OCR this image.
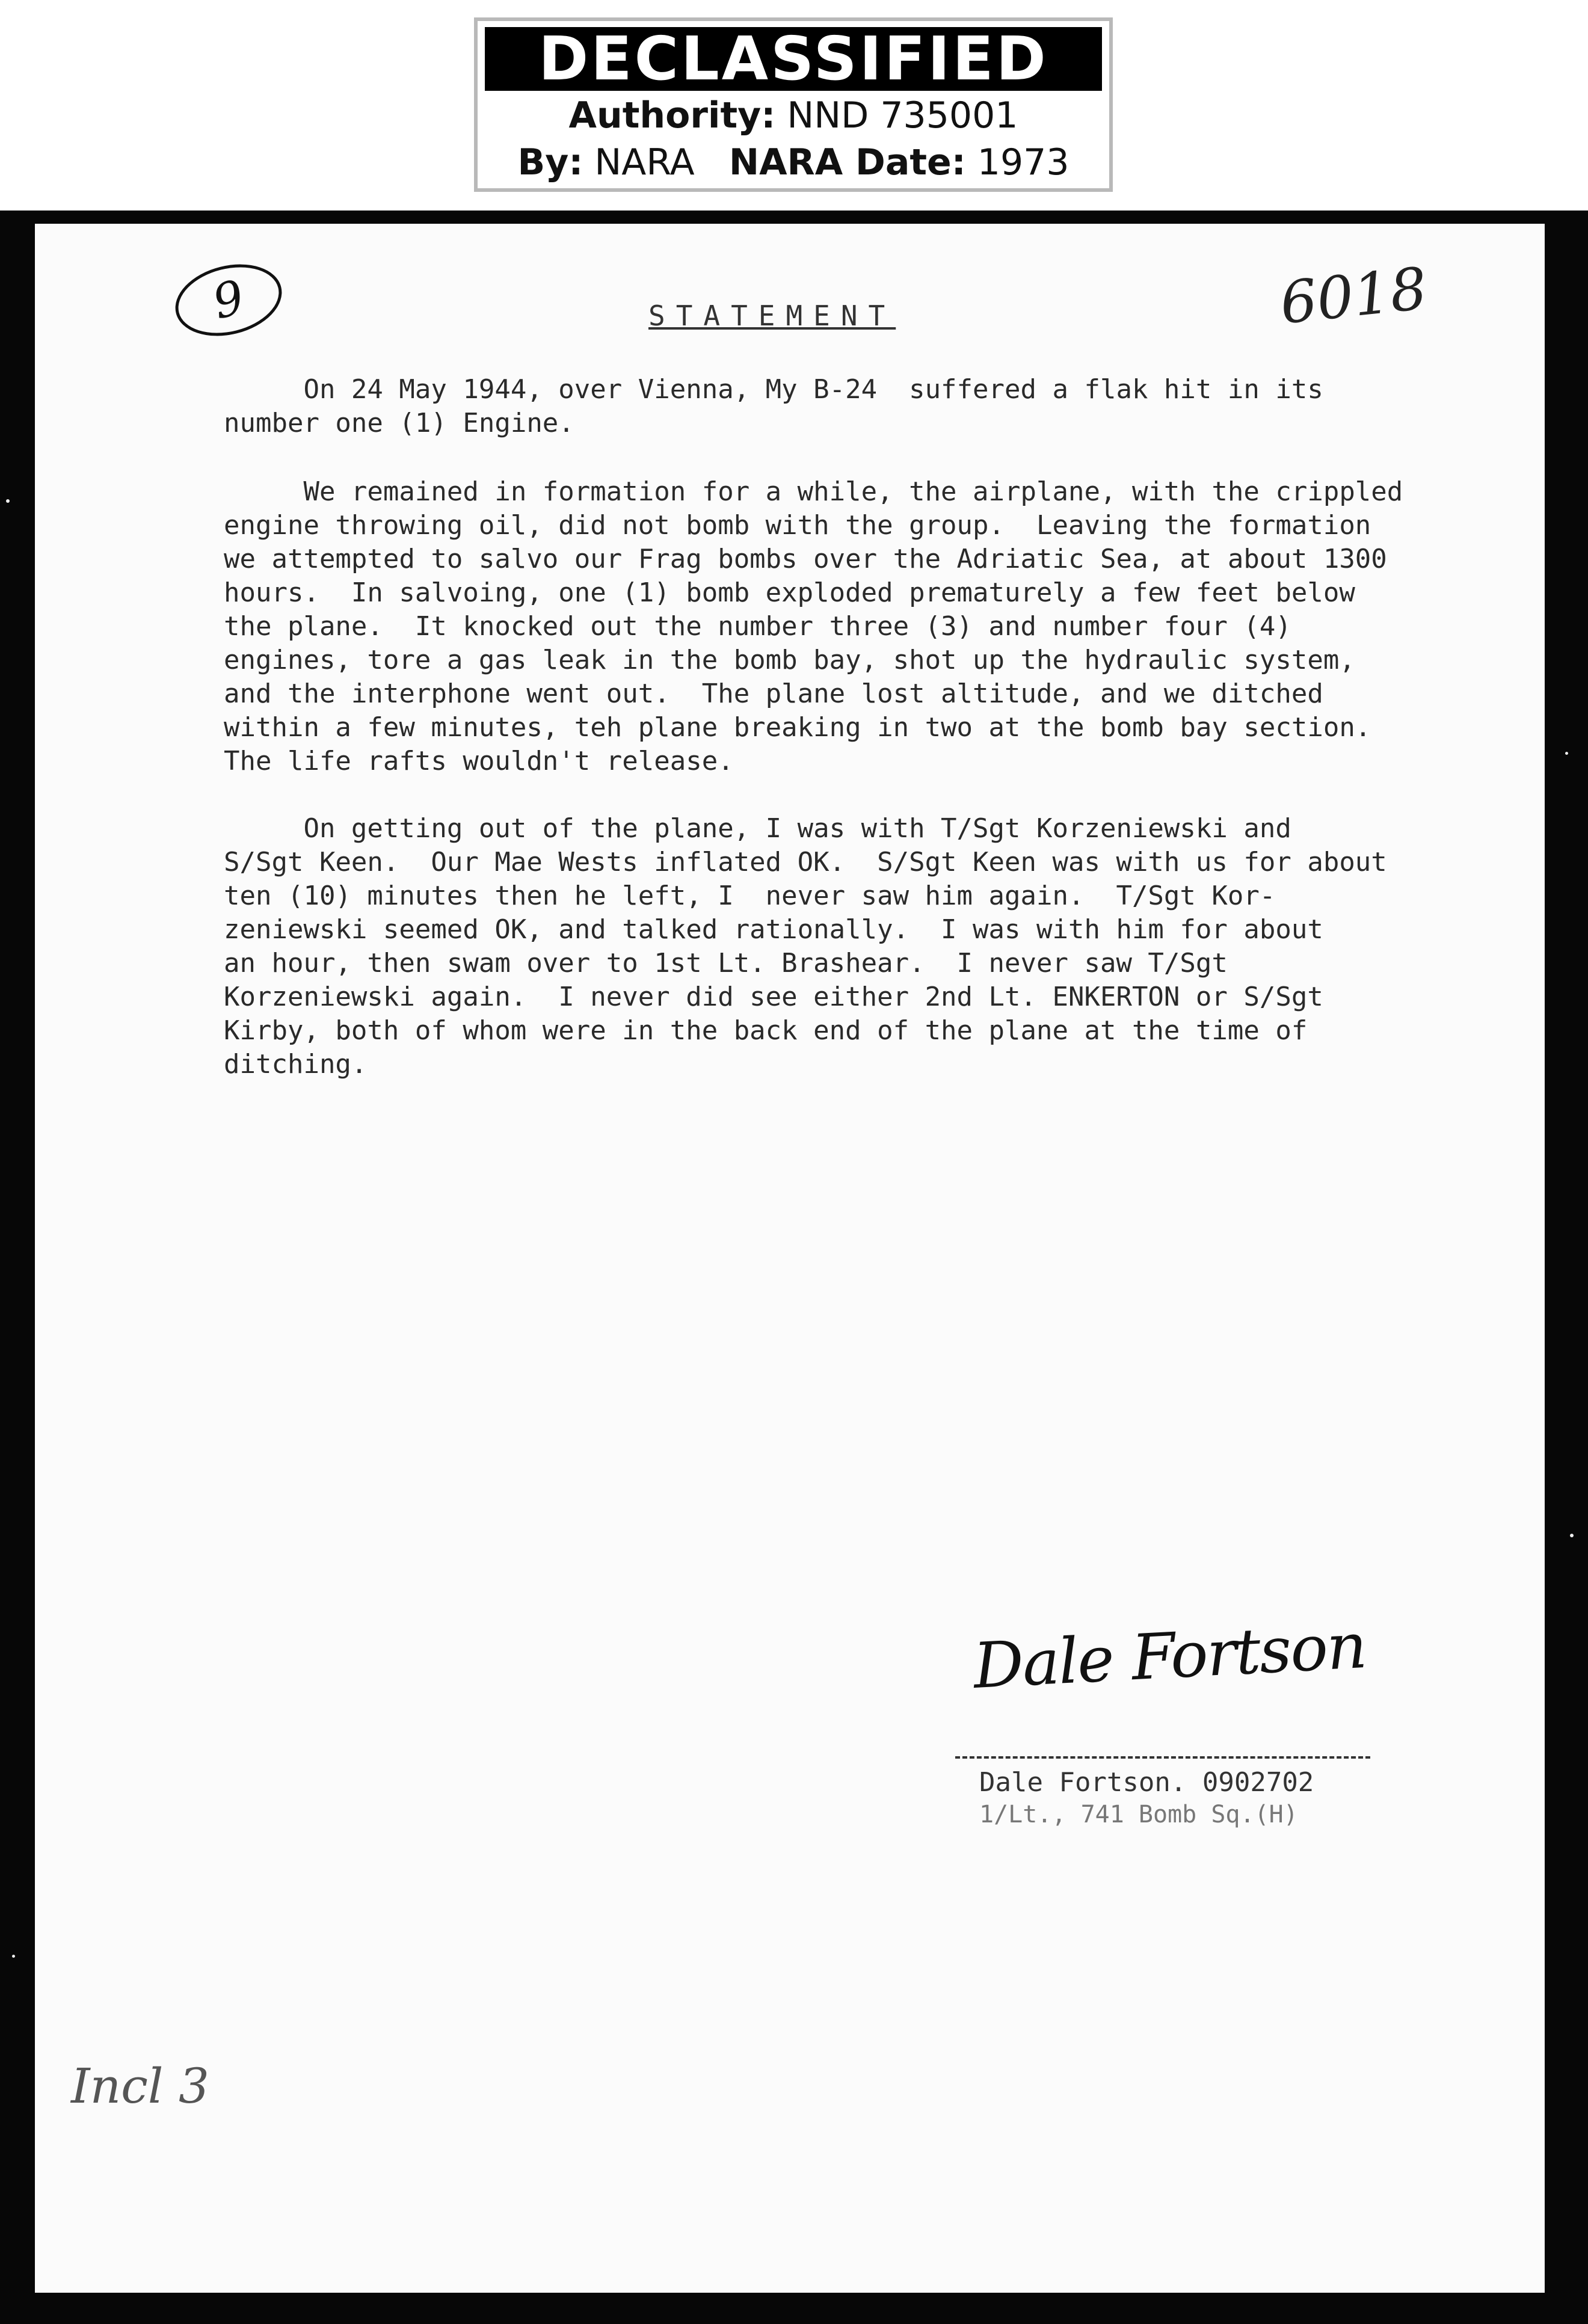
DECLASSIFIED
Authority: NND 735001
By: NARA NARA Date: 1973
9	6018
STATEMENT
On 24 May 1944, over Vienna, My B-24  suffered a flak hit in its
number one (1) Engine.
We remained in formation for a while, the airplane, with the crippled
engine throwing oil, did not bomb with the group.  Leaving the formation
we attempted to salvo our Frag bombs over the Adriatic Sea, at about 1300
hours.  In salvoing, one (1) bomb exploded prematurely a few feet below
the plane.  It knocked out the number three (3) and number four (4)
engines, tore a gas leak in the bomb bay, shot up the hydraulic system,
and the interphone went out.  The plane lost altitude, and we ditched
within a few minutes, teh plane breaking in two at the bomb bay section.
The life rafts wouldn't release.
On getting out of the plane, I was with T/Sgt Korzeniewski and
S/Sgt Keen.  Our Mae Wests inflated OK.  S/Sgt Keen was with us for about
ten (10) minutes then he left, I  never saw him again.  T/Sgt Kor-
zeniewski seemed OK, and talked rationally.  I was with him for about
an hour, then swam over to 1st Lt. Brashear.  I never saw T/Sgt
Korzeniewski again.  I never did see either 2nd Lt. ENKERTON or S/Sgt
Kirby, both of whom were in the back end of the plane at the time of
ditching.
Dale Fortson
Dale Fortson. 0902702
1/Lt., 741 Bomb Sq.(H)
Incl 3
